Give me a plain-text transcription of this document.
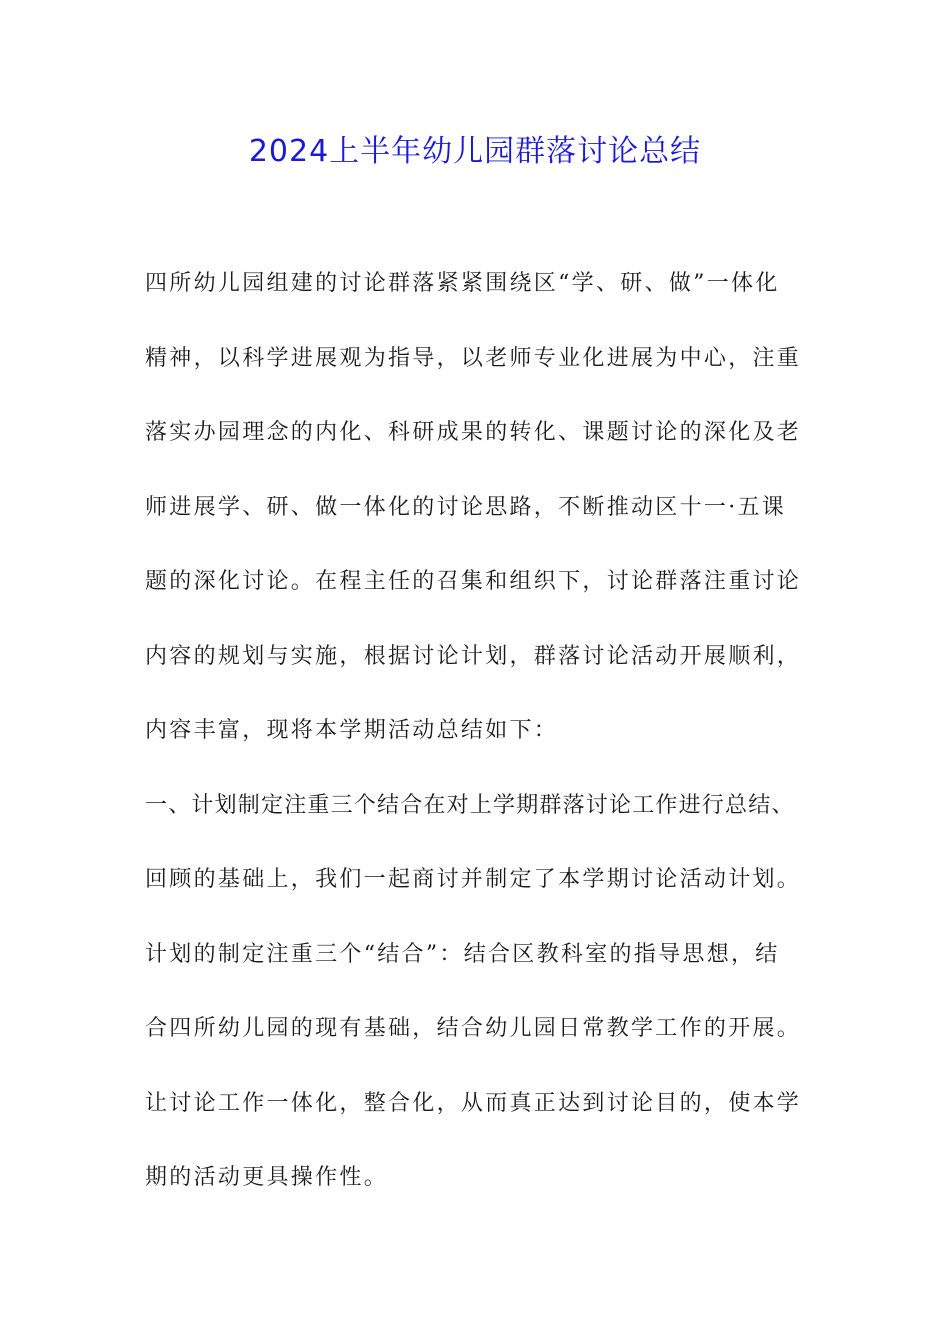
2024上半年幼儿园群落讨论总结
四所幼儿园组建的讨论群落紧紧围绕区“学、研、做”一体化
精神，以科学进展观为指导，以老师专业化进展为中心，注重
落实办园理念的内化、科研成果的转化、课题讨论的深化及老
师进展学、研、做一体化的讨论思路，不断推动区十一·五课
题的深化讨论。在程主任的召集和组织下，讨论群落注重讨论
内容的规划与实施，根据讨论计划，群落讨论活动开展顺利，
内容丰富，现将本学期活动总结如下：
一、计划制定注重三个结合在对上学期群落讨论工作进行总结、
回顾的基础上，我们一起商讨并制定了本学期讨论活动计划。
计划的制定注重三个“结合”：结合区教科室的指导思想，结
合四所幼儿园的现有基础，结合幼儿园日常教学工作的开展。
让讨论工作一体化，整合化，从而真正达到讨论目的，使本学
期的活动更具操作性。
